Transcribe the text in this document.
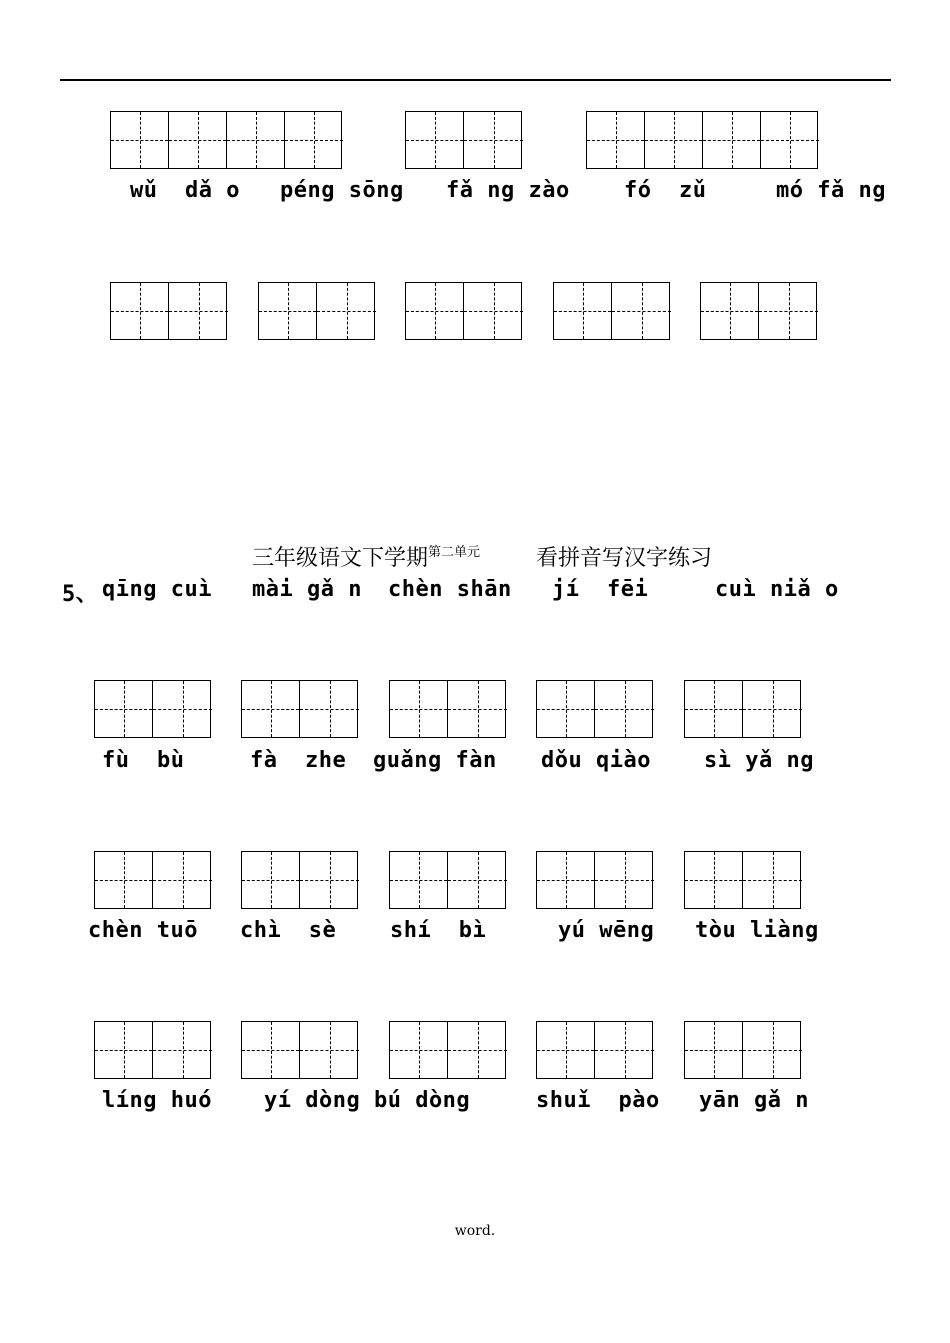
wǔ  dǎ o péng sōng fǎ ng zào fó  zǔ	mó fǎ ng

三年级语文下学期$^{第二单元}$	看拼音写汉字练习

5、 qīng cuì mài gǎ n chèn shān jí  fēi	cuì niǎ o
fù  bù	fà  zhe guǎng fàn dǒu qiào sì yǎ ng
chèn tuō chì  sè shí  bì	yú wēng tòu liàng
líng huó yí dòng bú dòng	shuǐ  pào yān gǎ n
word.
